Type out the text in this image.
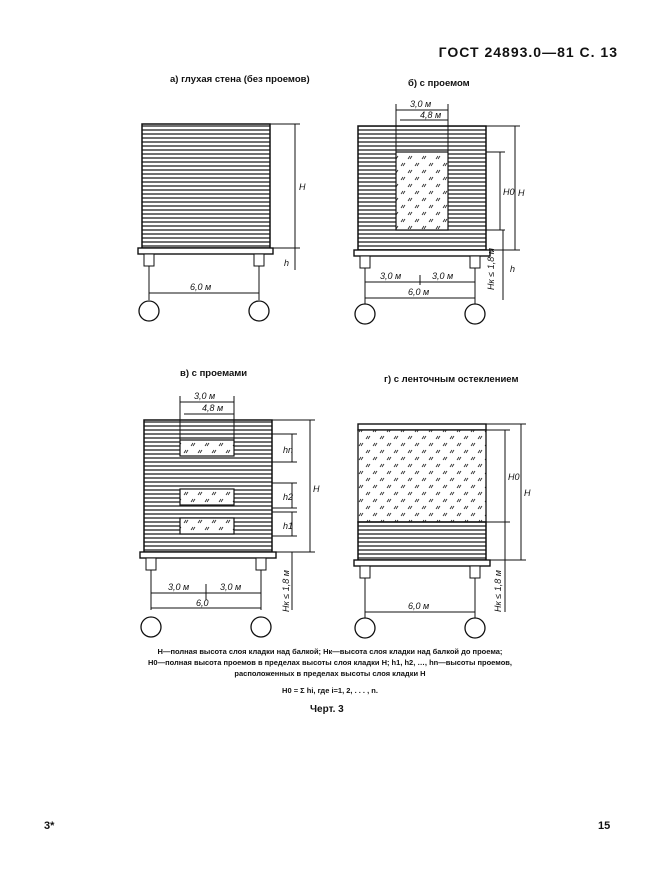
ГОСТ 24893.0—81 С. 13
а) глухая стена (без проемов)	б) с проемом
в) с проемами
г) с ленточным остеклением
6,0 м
H
h
3,0 м
4,8 м
3,0 м	3,0 м
6,0 м
H0 H
Hк ≤ 1,8 м h
3,0 м
4,8 м
3,0 м	3,0 м
6,0
hn
h2
h1
H
Hк ≤ 1,8 м	6,0 м
H0
H
Hк ≤ 1,8 м
H—полная высота слоя кладки над балкой; Hк—высота слоя кладки над балкой до проема;
H0—полная высота проемов в пределах высоты слоя кладки H; h1, h2, …, hn—высоты проемов,
расположенных в пределах высоты слоя кладки H
H0 = Σ hi, где i=1, 2, . . . , n.
Черт. 3
3*	15
